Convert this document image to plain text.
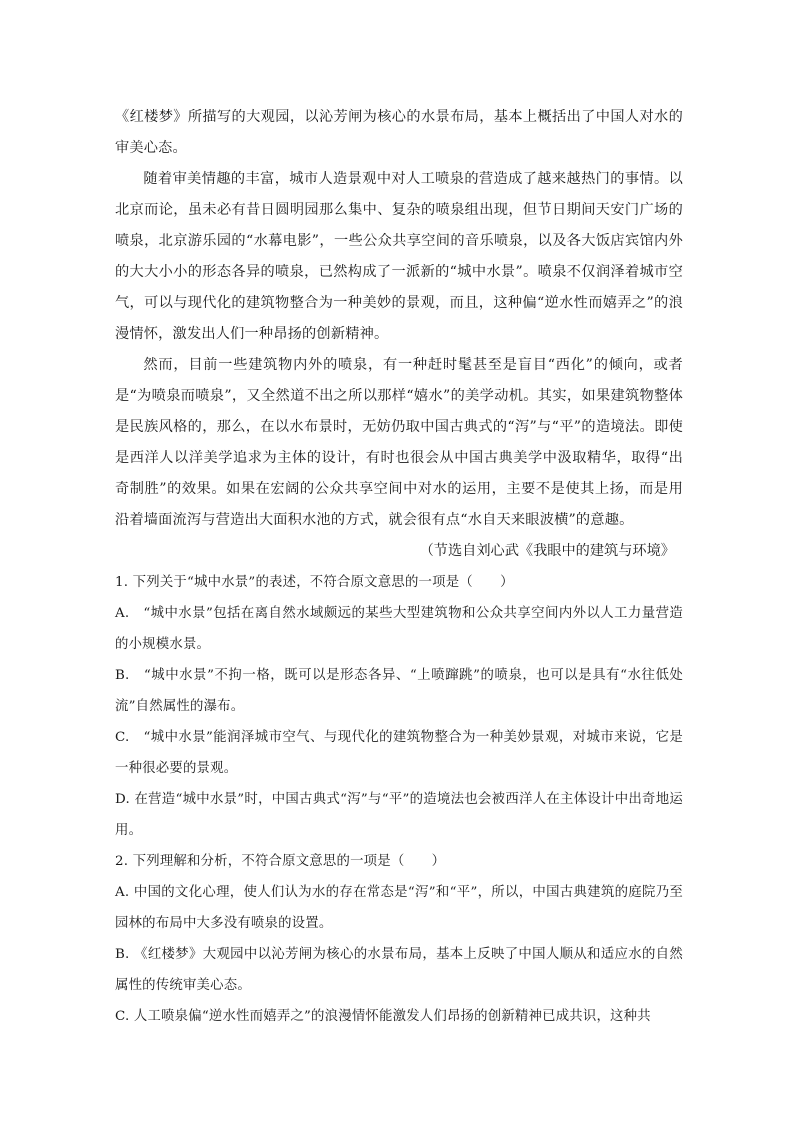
《红楼梦》所描写的大观园，以沁芳闸为核心的水景布局，基本上概括出了中国人对水的审美心态。

随着审美情趣的丰富，城市人造景观中对人工喷泉的营造成了越来越热门的事情。以北京而论，虽未必有昔日圆明园那么集中、复杂的喷泉组出现，但节日期间天安门广场的喷泉，北京游乐园的“水幕电影”，一些公众共享空间的音乐喷泉，以及各大饭店宾馆内外的大大小小的形态各异的喷泉，已然构成了一派新的“城中水景”。喷泉不仅润泽着城市空气，可以与现代化的建筑物整合为一种美妙的景观，而且，这种偏“逆水性而嬉弄之”的浪漫情怀，激发出人们一种昂扬的创新精神。

然而，目前一些建筑物内外的喷泉，有一种赶时髦甚至是盲目“西化”的倾向，或者是“为喷泉而喷泉”，又全然道不出之所以那样“嬉水”的美学动机。其实，如果建筑物整体是民族风格的，那么，在以水布景时，无妨仍取中国古典式的“泻”与“平”的造境法。即使是西洋人以洋美学追求为主体的设计，有时也很会从中国古典美学中汲取精华，取得“出奇制胜”的效果。如果在宏阔的公众共享空间中对水的运用，主要不是使其上扬，而是用沿着墙面流泻与营造出大面积水池的方式，就会很有点“水自天来眼波横”的意趣。

（节选自刘心武《我眼中的建筑与环境》

1. 下列关于“城中水景”的表述，不符合原文意思的一项是（　　）

A.　“城中水景”包括在离自然水域颇远的某些大型建筑物和公众共享空间内外以人工力量营造的小规模水景。

B.　“城中水景”不拘一格，既可以是形态各异、“上喷蹿跳”的喷泉，也可以是具有“水往低处流”自然属性的瀑布。

C.　“城中水景”能润泽城市空气、与现代化的建筑物整合为一种美妙景观，对城市来说，它是一种很必要的景观。

D. 在营造“城中水景”时，中国古典式“泻”与“平”的造境法也会被西洋人在主体设计中出奇地运用。

2. 下列理解和分析，不符合原文意思的一项是（　　）

A. 中国的文化心理，使人们认为水的存在常态是“泻”和“平”，所以，中国古典建筑的庭院乃至园林的布局中大多没有喷泉的设置。

B. 《红楼梦》大观园中以沁芳闸为核心的水景布局，基本上反映了中国人顺从和适应水的自然属性的传统审美心态。

C. 人工喷泉偏“逆水性而嬉弄之”的浪漫情怀能激发人们昂扬的创新精神已成共识，这种共
